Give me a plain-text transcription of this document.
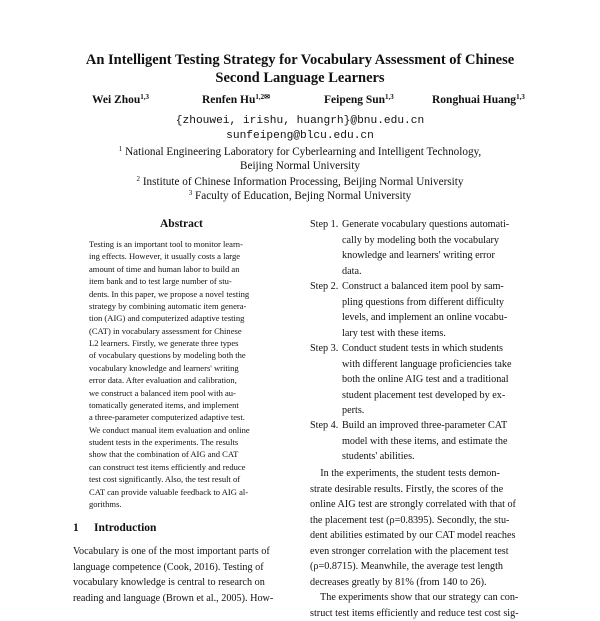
An Intelligent Testing Strategy for Vocabulary Assessment of Chinese
Second Language Learners
Wei Zhou$^{1,3}$	Renfen $Hu^{1,2✉}$	Feipeng Sun$^{1,3}$	Ronghuai Huang$^{1,3}$
{zhouwei, irishu, huangrh}@bnu.edu.cn
sunfeipeng@blcu.edu.cn
$^1$ National Engineering Laboratory for Cyberlearning and Intelligent Technology,
Beijing Normal University
$^2$ Institute of Chinese Information Processing, Beijing Normal University
$^3$ Faculty of Education, Bejing Normal University
Abstract
Testing is an important tool to monitor learn-
ing effects. However, it usually costs a large
amount of time and human labor to build an
item bank and to test large number of stu-
dents. In this paper, we propose a novel testing
strategy by combining automatic item genera-
tion (AIG) and computerized adaptive testing
(CAT) in vocabulary assessment for Chinese
L2 learners. Firstly, we generate three types
of vocabulary questions by modeling both the
vocabulary knowledge and learners' writing
error data. After evaluation and calibration,
we construct a balanced item pool with au-
tomatically generated items, and implement
a three-parameter computerized adaptive test.
We conduct manual item evaluation and online
student tests in the experiments. The results
show that the combination of AIG and CAT
can construct test items efficiently and reduce
test cost significantly. Also, the test result of
CAT can provide valuable feedback to AIG al-
gorithms.
1 Introduction
Vocabulary is one of the most important parts of
language competence (Cook, 2016). Testing of
vocabulary knowledge is central to research on
reading and language (Brown et al., 2005). How-
Step 1. Generate vocabulary questions automati-
cally by modeling both the vocabulary
knowledge and learners' writing error
data.
Step 2. Construct a balanced item pool by sam-
pling questions from different difficulty
levels, and implement an online vocabu-
lary test with these items.
Step 3. Conduct student tests in which students
with different language proficiencies take
both the online AIG test and a traditional
student placement test developed by ex-
perts.
Step 4. Build an improved three-parameter CAT
model with these items, and estimate the
students' abilities.
In the experiments, the student tests demon-
strate desirable results. Firstly, the scores of the
online AIG test are strongly correlated with that of
the placement test (ρ=0.8395). Secondly, the stu-
dent abilities estimated by our CAT model reaches
even stronger correlation with the placement test
(ρ=0.8715). Meanwhile, the average test length
decreases greatly by 81% (from 140 to 26).
The experiments show that our strategy can con-
struct test items efficiently and reduce test cost sig-
